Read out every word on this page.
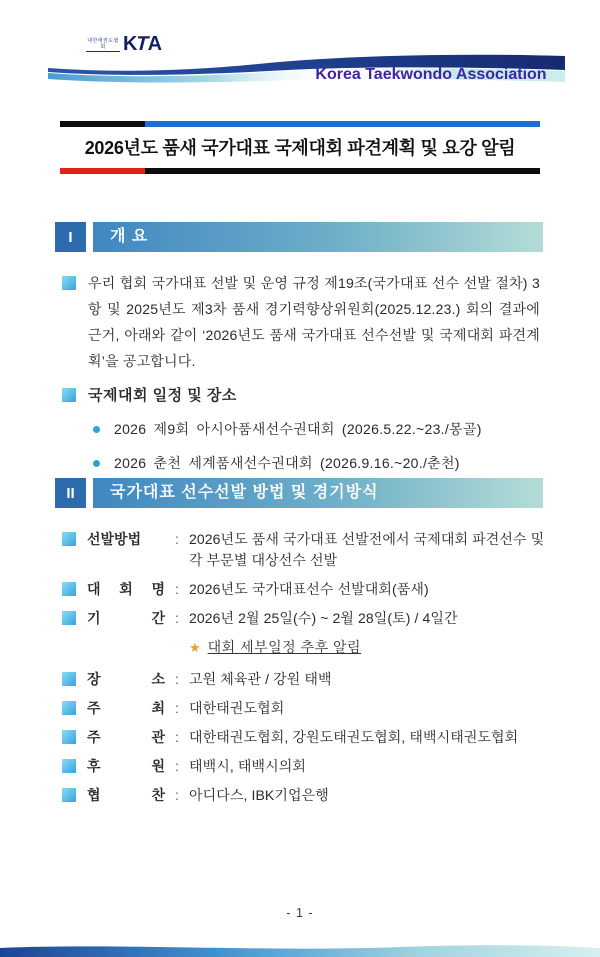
대한태권도협회 KTA
Korea Taekwondo Association
2026년도 품새 국가대표 국제대회 파견계획 및 요강 알림
I	개 요
우리 협회 국가대표 선발 및 운영 규정 제19조(국가대표 선수 선발 절차) 3항 및 2025년도 제3차 품새 경기력향상위원회(2025.12.23.) 회의 결과에 근거, 아래와 같이 ‘2026년도 품새 국가대표 선수선발 및 국제대회 파견계획’을 공고합니다.
국제대회 일정 및 장소
2026 제9회 아시아품새선수권대회 (2026.5.22.~23./몽골)
2026 춘천 세계품새선수권대회 (2026.9.16.~20./춘천)
II	국가대표 선수선발 방법 및 경기방식
선발방법	: 2026년도 품새 국가대표 선발전에서 국제대회 파견선수 및 각 부문별 대상선수 선발
대 회 명 : 2026년도 국가대표선수 선발대회(품새)
기 간 : 2026년 2월 25일(수) ~ 2월 28일(토) / 4일간
★ 대회 세부일정 추후 알림
장 소 : 고원 체육관 / 강원 태백
주 최 : 대한태권도협회
주 관 : 대한태권도협회, 강원도태권도협회, 태백시태권도협회
후 원 : 태백시, 태백시의회
협 찬 : 아디다스, IBK기업은행
- 1 -
